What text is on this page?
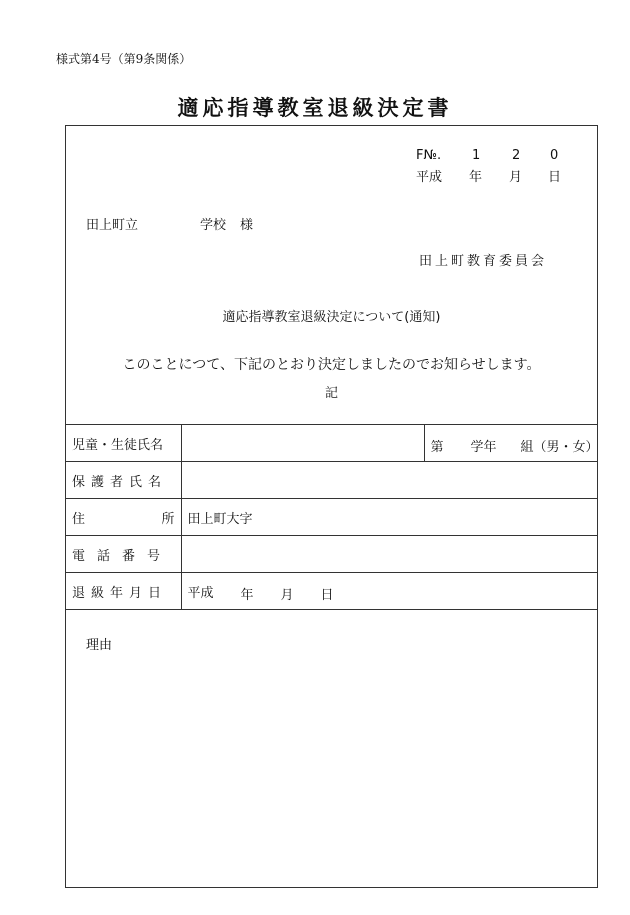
様式第4号（第9条関係）
適応指導教室退級決定書
F№. 1 2 0
平成 年 月 日
田上町立	学校 様
田上町教育委員会
適応指導教室退級決定について(通知)
このことにつて、下記のとおり決定しましたのでお知らせします。
記
児童・生徒氏名		第 学年 組（男・女）

保護者氏名		

住 所	田上町大字	
電話番号		
退級年月日	平成 年 月 日	
理由
